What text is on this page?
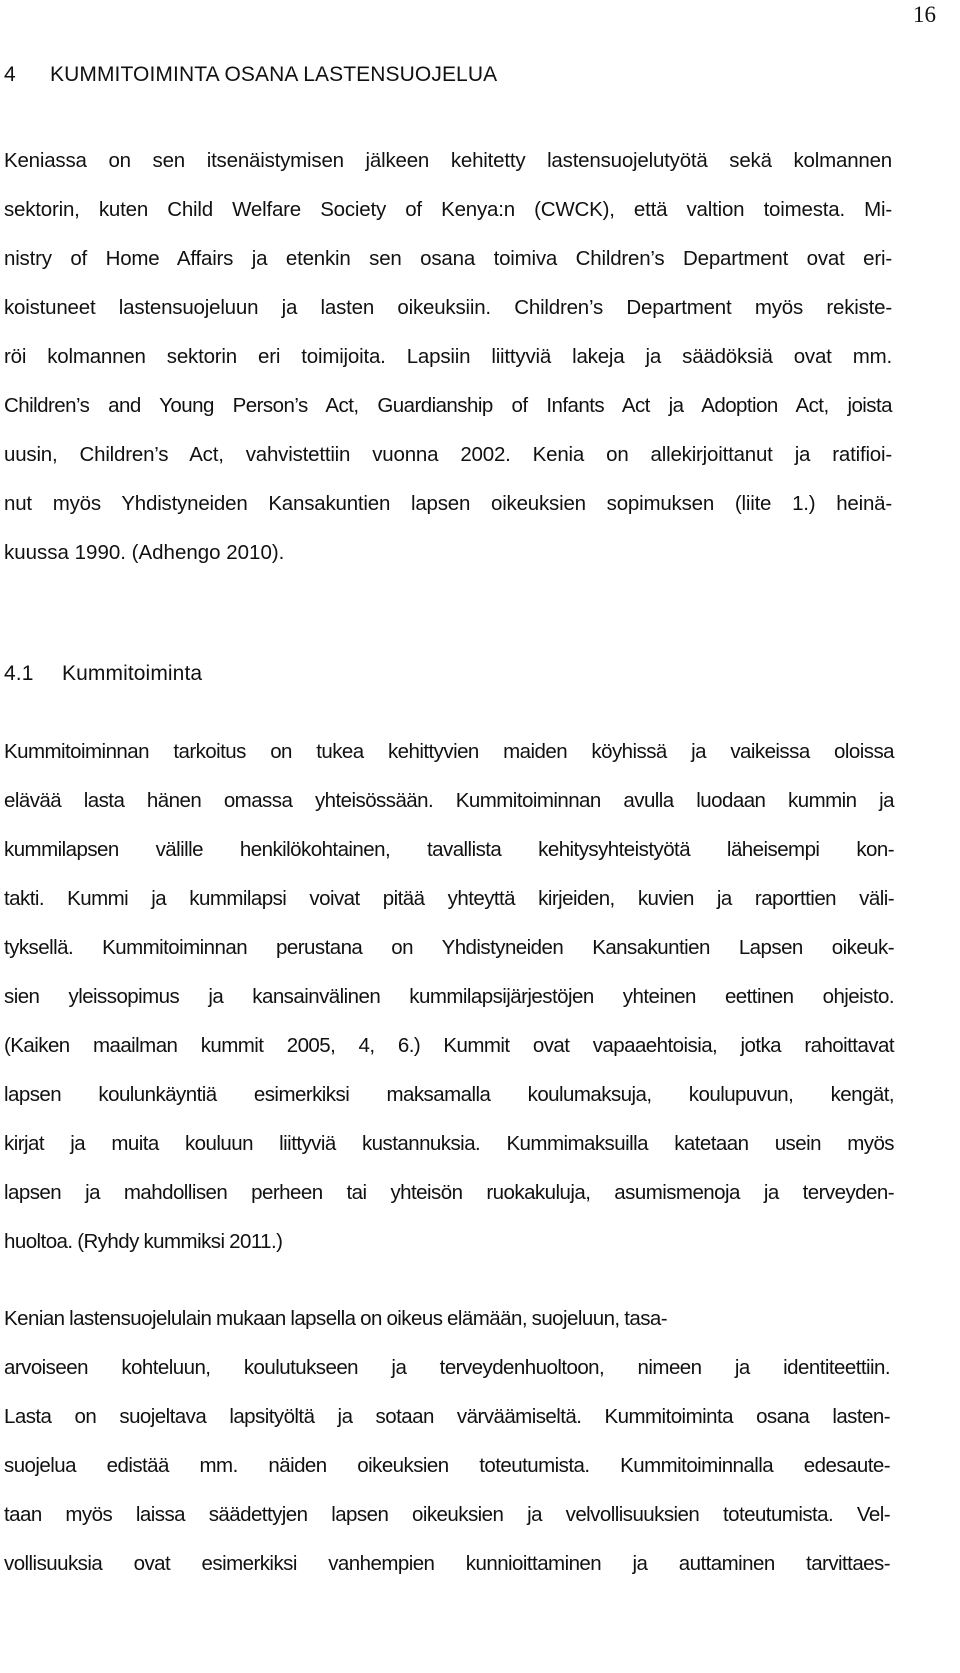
16
4 KUMMITOIMINTA OSANA LASTENSUOJELUA
Keniassa on sen itsenäistymisen jälkeen kehitetty lastensuojelutyötä sekä kolmannen
sektorin, kuten Child Welfare Society of Kenya:n (CWCK), että valtion toimesta. Mi-
nistry of Home Affairs ja etenkin sen osana toimiva Children’s Department ovat eri-
koistuneet lastensuojeluun ja lasten oikeuksiin. Children’s Department myös rekiste-
röi kolmannen sektorin eri toimijoita. Lapsiin liittyviä lakeja ja säädöksiä ovat mm.
Children’s and Young Person’s Act, Guardianship of Infants Act ja Adoption Act, joista
uusin, Children’s Act, vahvistettiin vuonna 2002. Kenia on allekirjoittanut ja ratifioi-
nut myös Yhdistyneiden Kansakuntien lapsen oikeuksien sopimuksen (liite 1.) heinä-
kuussa 1990. (Adhengo 2010).
4.1 Kummitoiminta
Kummitoiminnan tarkoitus on tukea kehittyvien maiden köyhissä ja vaikeissa oloissa
elävää lasta hänen omassa yhteisössään. Kummitoiminnan avulla luodaan kummin ja
kummilapsen välille henkilökohtainen, tavallista kehitysyhteistyötä läheisempi kon-
takti. Kummi ja kummilapsi voivat pitää yhteyttä kirjeiden, kuvien ja raporttien väli-
tyksellä. Kummitoiminnan perustana on Yhdistyneiden Kansakuntien Lapsen oikeuk-
sien yleissopimus ja kansainvälinen kummilapsijärjestöjen yhteinen eettinen ohjeisto.
(Kaiken maailman kummit 2005, 4, 6.) Kummit ovat vapaaehtoisia, jotka rahoittavat
lapsen koulunkäyntiä esimerkiksi maksamalla koulumaksuja, koulupuvun, kengät,
kirjat ja muita kouluun liittyviä kustannuksia. Kummimaksuilla katetaan usein myös
lapsen ja mahdollisen perheen tai yhteisön ruokakuluja, asumismenoja ja terveyden-
huoltoa. (Ryhdy kummiksi 2011.)
Kenian lastensuojelulain mukaan lapsella on oikeus elämään, suojeluun, tasa-
arvoiseen kohteluun, koulutukseen ja terveydenhuoltoon, nimeen ja identiteettiin.
Lasta on suojeltava lapsityöltä ja sotaan värväämiseltä. Kummitoiminta osana lasten-
suojelua edistää mm. näiden oikeuksien toteutumista. Kummitoiminnalla edesaute-
taan myös laissa säädettyjen lapsen oikeuksien ja velvollisuuksien toteutumista. Vel-
vollisuuksia ovat esimerkiksi vanhempien kunnioittaminen ja auttaminen tarvittaes-
